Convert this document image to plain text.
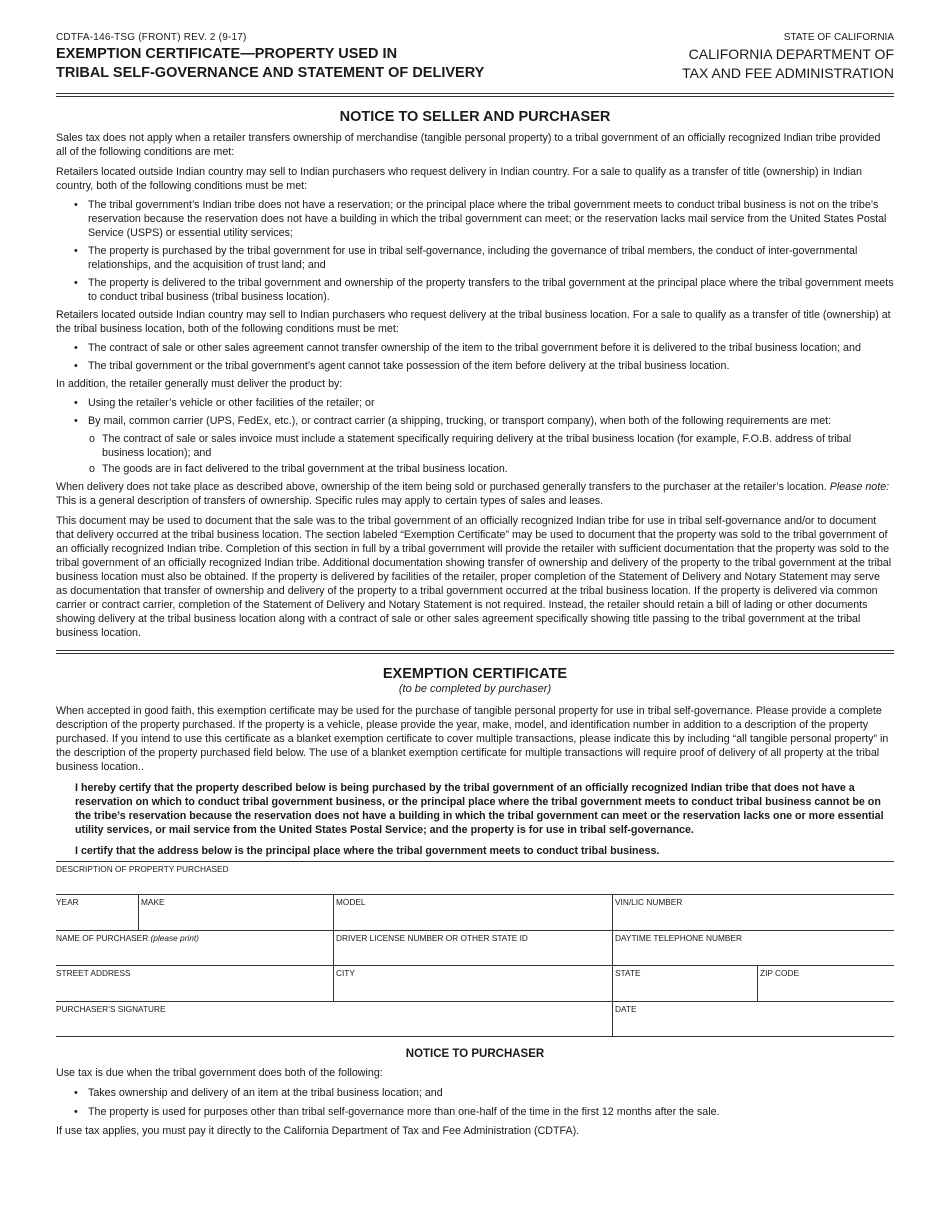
CDTFA-146-TSG (FRONT) REV. 2 (9-17)
EXEMPTION CERTIFICATE—PROPERTY USED IN
TRIBAL SELF-GOVERNANCE AND STATEMENT OF DELIVERY
STATE OF CALIFORNIA
CALIFORNIA DEPARTMENT OF
TAX AND FEE ADMINISTRATION
NOTICE TO SELLER AND PURCHASER

Sales tax does not apply when a retailer transfers ownership of merchandise (tangible personal property) to a tribal government of an officially recognized Indian tribe provided all of the following conditions are met:

Retailers located outside Indian country may sell to Indian purchasers who request delivery in Indian country. For a sale to qualify as a transfer of title (ownership) in Indian country, both of the following conditions must be met:

• The tribal government’s Indian tribe does not have a reservation; or the principal place where the tribal government meets to conduct tribal business is not on the tribe’s reservation because the reservation does not have a building in which the tribal government can meet; or the reservation lacks mail service from the United States Postal Service (USPS) or essential utility services;
• The property is purchased by the tribal government for use in tribal self-governance, including the governance of tribal members, the conduct of inter-governmental relationships, and the acquisition of trust land; and
• The property is delivered to the tribal government and ownership of the property transfers to the tribal government at the principal place where the tribal government meets to conduct tribal business (tribal business location).

Retailers located outside Indian country may sell to Indian purchasers who request delivery at the tribal business location. For a sale to qualify as a transfer of title (ownership) at the tribal business location, both of the following conditions must be met:

• The contract of sale or other sales agreement cannot transfer ownership of the item to the tribal government before it is delivered to the tribal business location; and
• The tribal government or the tribal government’s agent cannot take possession of the item before delivery at the tribal business location.

In addition, the retailer generally must deliver the product by:

• Using the retailer’s vehicle or other facilities of the retailer; or
• By mail, common carrier (UPS, FedEx, etc.), or contract carrier (a shipping, trucking, or transport company), when both of the following requirements are met:
o The contract of sale or sales invoice must include a statement specifically requiring delivery at the tribal business location (for example, F.O.B. address of tribal business location); and
o The goods are in fact delivered to the tribal government at the tribal business location.

When delivery does not take place as described above, ownership of the item being sold or purchased generally transfers to the purchaser at the retailer’s location. Please note: This is a general description of transfers of ownership. Specific rules may apply to certain types of sales and leases.

This document may be used to document that the sale was to the tribal government of an officially recognized Indian tribe for use in tribal self-governance and/or to document that delivery occurred at the tribal business location. The section labeled “Exemption Certificate” may be used to document that the property was sold to the tribal government of an officially recognized Indian tribe. Completion of this section in full by a tribal government will provide the retailer with sufficient documentation that the property was sold to the tribal government of an officially recognized Indian tribe. Additional documentation showing transfer of ownership and delivery of the property to the tribal government at the tribal business location must also be obtained. If the property is delivered by facilities of the retailer, proper completion of the Statement of Delivery and Notary Statement may serve as documentation that transfer of ownership and delivery of the property to a tribal government occurred at the tribal business location. If the property is delivered via common carrier or contract carrier, completion of the Statement of Delivery and Notary Statement is not required. Instead, the retailer should retain a bill of lading or other documents showing delivery at the tribal business location along with a contract of sale or other sales agreement specifically showing title passing to the tribal government at the tribal business location.

EXEMPTION CERTIFICATE
(to be completed by purchaser)

When accepted in good faith, this exemption certificate may be used for the purchase of tangible personal property for use in tribal self-governance. Please provide a complete description of the property purchased. If the property is a vehicle, please provide the year, make, model, and identification number in addition to a description of the property purchased. If you intend to use this certificate as a blanket exemption certificate to cover multiple transactions, please indicate this by including “all tangible personal property” in the description of the property purchased field below. The use of a blanket exemption certificate for multiple transactions will require proof of delivery of all property at the tribal business location..

I hereby certify that the property described below is being purchased by the tribal government of an officially recognized Indian tribe that does not have a reservation on which to conduct tribal government business, or the principal place where the tribal government meets to conduct tribal business cannot be on the tribe’s reservation because the reservation does not have a building in which the tribal government can meet or the reservation lacks one or more essential utility services, or mail service from the United States Postal Service; and the property is for use in tribal self-governance.

I certify that the address below is the principal place where the tribal government meets to conduct tribal business.

DESCRIPTION OF PROPERTY PURCHASED
YEAR	MAKE	MODEL	VIN/LIC NUMBER
NAME OF PURCHASER (please print)	DRIVER LICENSE NUMBER OR OTHER STATE ID	DAYTIME TELEPHONE NUMBER
STREET ADDRESS	CITY	STATE	ZIP CODE
PURCHASER’S SIGNATURE	DATE
NOTICE TO PURCHASER

Use tax is due when the tribal government does both of the following:

• Takes ownership and delivery of an item at the tribal business location; and
• The property is used for purposes other than tribal self-governance more than one-half of the time in the first 12 months after the sale.

If use tax applies, you must pay it directly to the California Department of Tax and Fee Administration (CDTFA).
